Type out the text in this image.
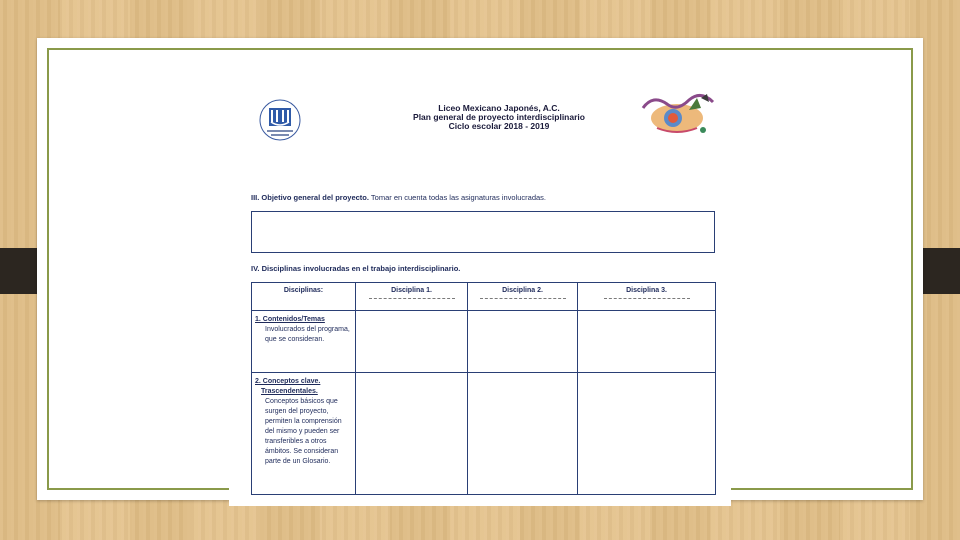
Liceo Mexicano Japonés, A.C.
Plan general de proyecto interdisciplinario
Ciclo escolar 2018 - 2019
III. Objetivo general del proyecto. Tomar en cuenta todas las asignaturas involucradas.
IV. Disciplinas involucradas en el trabajo interdisciplinario.
Disciplinas:	Disciplina 1.	Disciplina 2.	Disciplina 3.

1. Contenidos/Temas
Involucrados del programa, que se consideran.			

2. Conceptos clave.
Trascendentales.
Conceptos básicos que surgen del proyecto, permiten la comprensión del mismo y pueden ser transferibles a otros ámbitos. Se consideran parte de un Glosario.			
